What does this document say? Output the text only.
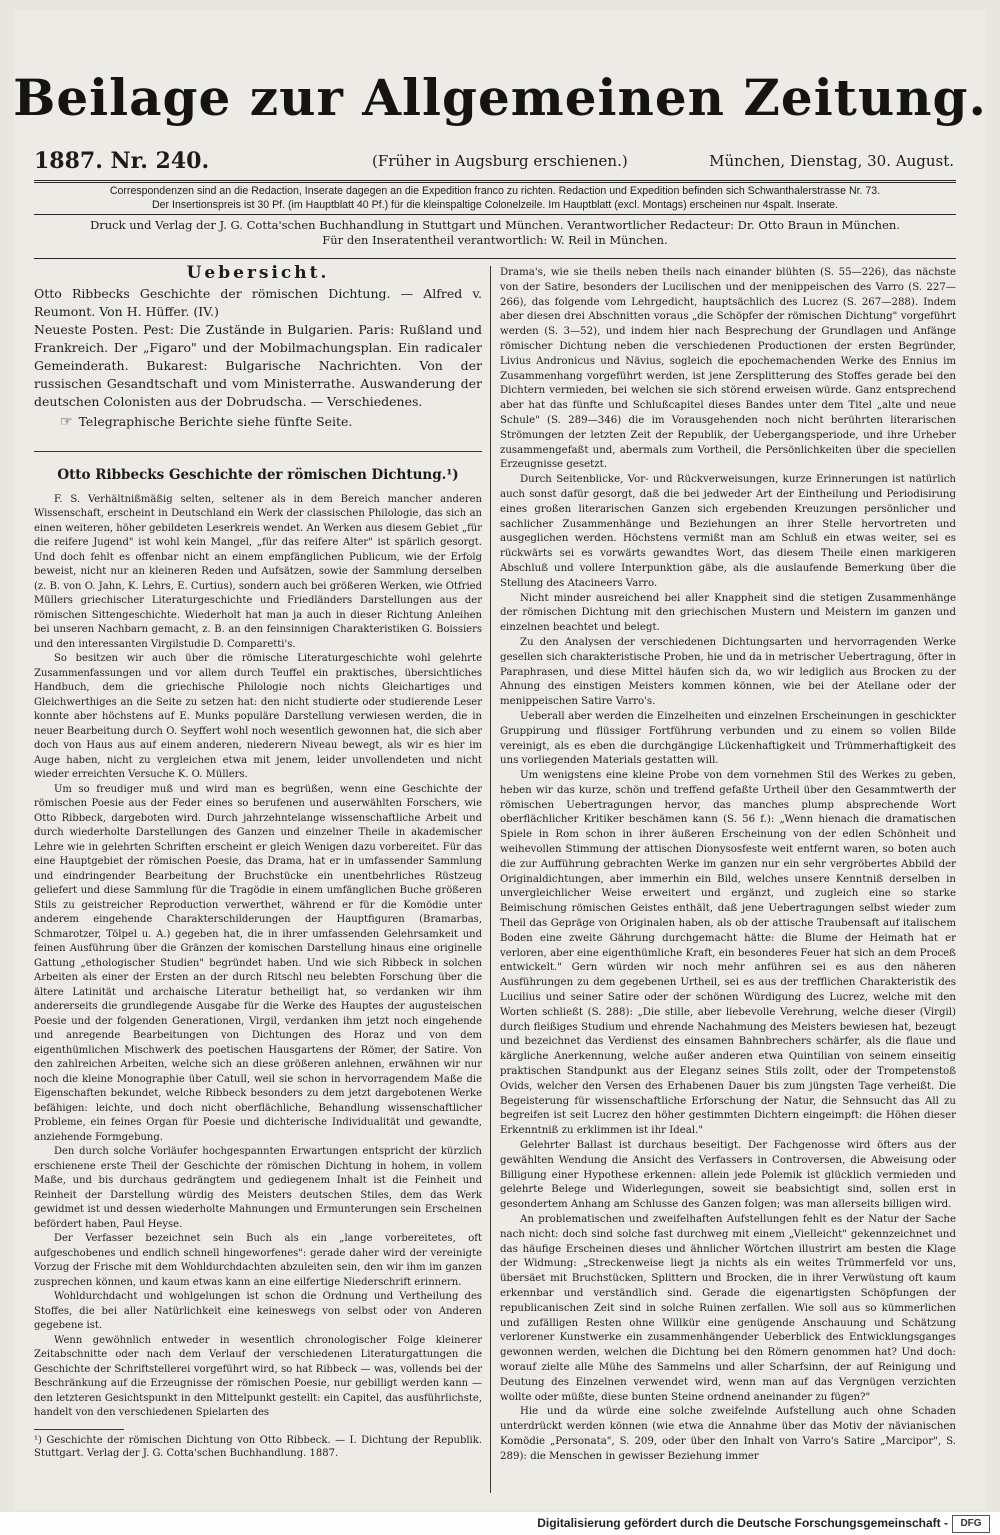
Beilage zur Allgemeinen Zeitung.
1887. Nr. 240.	(Früher in Augsburg erschienen.)	München, Dienstag, 30. August.
Correspondenzen sind an die Redaction, Inserate dagegen an die Expedition franco zu richten. Redaction und Expedition befinden sich Schwanthalerstrasse Nr. 73.
Der Insertionspreis ist 30 Pf. (im Hauptblatt 40 Pf.) für die kleinspaltige Colonelzeile. Im Hauptblatt (excl. Montags) erscheinen nur 4spalt. Inserate.
Druck und Verlag der J. G. Cotta'schen Buchhandlung in Stuttgart und München. Verantwortlicher Redacteur: Dr. Otto Braun in München.
Für den Inseratentheil verantwortlich: W. Reil in München.
Uebersicht.

Otto Ribbecks Geschichte der römischen Dichtung. — Alfred v. Reumont. Von H. Hüffer. (IV.)

Neueste Posten. Pest: Die Zustände in Bulgarien. Paris: Rußland und Frankreich. Der „Figaro" und der Mobilmachungsplan. Ein radicaler Gemeinderath. Bukarest: Bulgarische Nachrichten. Von der russischen Gesandtschaft und vom Ministerrathe. Auswanderung der deutschen Colonisten aus der Dobrudscha. — Verschiedenes.

☞ Telegraphische Berichte siehe fünfte Seite.

Otto Ribbecks Geschichte der römischen Dichtung.¹)

F. S. Verhältnißmäßig selten, seltener als in dem Bereich mancher anderen Wissenschaft, erscheint in Deutschland ein Werk der classischen Philologie, das sich an einen weiteren, höher gebildeten Leserkreis wendet. An Werken aus diesem Gebiet „für die reifere Jugend" ist wohl kein Mangel, „für das reifere Alter" ist spärlich gesorgt. Und doch fehlt es offenbar nicht an einem empfänglichen Publicum, wie der Erfolg beweist, nicht nur an kleineren Reden und Aufsätzen, sowie der Sammlung derselben (z. B. von O. Jahn, K. Lehrs, E. Curtius), sondern auch bei größeren Werken, wie Otfried Müllers griechischer Literaturgeschichte und Friedländers Darstellungen aus der römischen Sittengeschichte. Wiederholt hat man ja auch in dieser Richtung Anleihen bei unseren Nachbarn gemacht, z. B. an den feinsinnigen Charakteristiken G. Boissiers und den interessanten Virgilstudie D. Comparetti's.

So besitzen wir auch über die römische Literaturgeschichte wohl gelehrte Zusammenfassungen und vor allem durch Teuffel ein praktisches, übersichtliches Handbuch, dem die griechische Philologie noch nichts Gleichartiges und Gleichwerthiges an die Seite zu setzen hat: den nicht studierte oder studierende Leser konnte aber höchstens auf E. Munks populäre Darstellung verwiesen werden, die in neuer Bearbeitung durch O. Seyffert wohl noch wesentlich gewonnen hat, die sich aber doch von Haus aus auf einem anderen, niederern Niveau bewegt, als wir es hier im Auge haben, nicht zu vergleichen etwa mit jenem, leider unvollendeten und nicht wieder erreichten Versuche K. O. Müllers.

Um so freudiger muß und wird man es begrüßen, wenn eine Geschichte der römischen Poesie aus der Feder eines so berufenen und auserwählten Forschers, wie Otto Ribbeck, dargeboten wird. Durch jahrzehntelange wissenschaftliche Arbeit und durch wiederholte Darstellungen des Ganzen und einzelner Theile in akademischer Lehre wie in gelehrten Schriften erscheint er gleich Wenigen dazu vorbereitet. Für das eine Hauptgebiet der römischen Poesie, das Drama, hat er in umfassender Sammlung und eindringender Bearbeitung der Bruchstücke ein unentbehrliches Rüstzeug geliefert und diese Sammlung für die Tragödie in einem umfänglichen Buche größeren Stils zu geistreicher Reproduction verwerthet, während er für die Komödie unter anderem eingehende Charakterschilderungen der Hauptfiguren (Bramarbas, Schmarotzer, Tölpel u. A.) gegeben hat, die in ihrer umfassenden Gelehrsamkeit und feinen Ausführung über die Gränzen der komischen Darstellung hinaus eine originelle Gattung „ethologischer Studien" begründet haben. Und wie sich Ribbeck in solchen Arbeiten als einer der Ersten an der durch Ritschl neu belebten Forschung über die ältere Latinität und archaische Literatur betheiligt hat, so verdanken wir ihm andererseits die grundlegende Ausgabe für die Werke des Hauptes der augusteischen Poesie und der folgenden Generationen, Virgil, verdanken ihm jetzt noch eingehende und anregende Bearbeitungen von Dichtungen des Horaz und von dem eigenthümlichen Mischwerk des poetischen Hausgartens der Römer, der Satire. Von den zahlreichen Arbeiten, welche sich an diese größeren anlehnen, erwähnen wir nur noch die kleine Monographie über Catull, weil sie schon in hervorragendem Maße die Eigenschaften bekundet, welche Ribbeck besonders zu dem jetzt dargebotenen Werke befähigen: leichte, und doch nicht oberflächliche, Behandlung wissenschaftlicher Probleme, ein feines Organ für Poesie und dichterische Individualität und gewandte, anziehende Formgebung.

Den durch solche Vorläufer hochgespannten Erwartungen entspricht der kürzlich erschienene erste Theil der Geschichte der römischen Dichtung in hohem, in vollem Maße, und bis durchaus gedrängtem und gediegenem Inhalt ist die Feinheit und Reinheit der Darstellung würdig des Meisters deutschen Stiles, dem das Werk gewidmet ist und dessen wiederholte Mahnungen und Ermunterungen sein Erscheinen befördert haben, Paul Heyse.

Der Verfasser bezeichnet sein Buch als ein „lange vorbereitetes, oft aufgeschobenes und endlich schnell hingeworfenes": gerade daher wird der vereinigte Vorzug der Frische mit dem Wohldurchdachten abzuleiten sein, den wir ihm im ganzen zusprechen können, und kaum etwas kann an eine eilfertige Niederschrift erinnern.

Wohldurchdacht und wohlgelungen ist schon die Ordnung und Vertheilung des Stoffes, die bei aller Natürlichkeit eine keineswegs von selbst oder von Anderen gegebene ist.

Wenn gewöhnlich entweder in wesentlich chronologischer Folge kleinerer Zeitabschnitte oder nach dem Verlauf der verschiedenen Literaturgattungen die Geschichte der Schriftstellerei vorgeführt wird, so hat Ribbeck — was, vollends bei der Beschränkung auf die Erzeugnisse der römischen Poesie, nur gebilligt werden kann — den letzteren Gesichtspunkt in den Mittelpunkt gestellt: ein Capitel, das ausführlichste, handelt von den verschiedenen Spielarten des

¹) Geschichte der römischen Dichtung von Otto Ribbeck. — I. Dichtung der Republik. Stuttgart. Verlag der J. G. Cotta'schen Buchhandlung. 1887.

Drama's, wie sie theils neben theils nach einander blühten (S. 55—226), das nächste von der Satire, besonders der Lucilischen und der menippeischen des Varro (S. 227—266), das folgende vom Lehrgedicht, hauptsächlich des Lucrez (S. 267—288). Indem aber diesen drei Abschnitten voraus „die Schöpfer der römischen Dichtung" vorgeführt werden (S. 3—52), und indem hier nach Besprechung der Grundlagen und Anfänge römischer Dichtung neben die verschiedenen Productionen der ersten Begründer, Livius Andronicus und Nävius, sogleich die epochemachenden Werke des Ennius im Zusammenhang vorgeführt werden, ist jene Zersplitterung des Stoffes gerade bei den Dichtern vermieden, bei welchen sie sich störend erweisen würde. Ganz entsprechend aber hat das fünfte und Schlußcapitel dieses Bandes unter dem Titel „alte und neue Schule" (S. 289—346) die im Vorausgehenden noch nicht berührten literarischen Strömungen der letzten Zeit der Republik, der Uebergangsperiode, und ihre Urheber zusammengefaßt und, abermals zum Vortheil, die Persönlichkeiten über die speciellen Erzeugnisse gesetzt.

Durch Seitenblicke, Vor- und Rückverweisungen, kurze Erinnerungen ist natürlich auch sonst dafür gesorgt, daß die bei jedweder Art der Eintheilung und Periodisirung eines großen literarischen Ganzen sich ergebenden Kreuzungen persönlicher und sachlicher Zusammenhänge und Beziehungen an ihrer Stelle hervortreten und ausgeglichen werden. Höchstens vermißt man am Schluß ein etwas weiter, sei es rückwärts sei es vorwärts gewandtes Wort, das diesem Theile einen markigeren Abschluß und vollere Interpunktion gäbe, als die auslaufende Bemerkung über die Stellung des Atacineers Varro.

Nicht minder ausreichend bei aller Knappheit sind die stetigen Zusammenhänge der römischen Dichtung mit den griechischen Mustern und Meistern im ganzen und einzelnen beachtet und belegt.

Zu den Analysen der verschiedenen Dichtungsarten und hervorragenden Werke gesellen sich charakteristische Proben, hie und da in metrischer Uebertragung, öfter in Paraphrasen, und diese Mittel häufen sich da, wo wir lediglich aus Brocken zu der Ahnung des einstigen Meisters kommen können, wie bei der Atellane oder der menippeischen Satire Varro's.

Ueberall aber werden die Einzelheiten und einzelnen Erscheinungen in geschickter Gruppirung und flüssiger Fortführung verbunden und zu einem so vollen Bilde vereinigt, als es eben die durchgängige Lückenhaftigkeit und Trümmerhaftigkeit des uns vorliegenden Materials gestatten will.

Um wenigstens eine kleine Probe von dem vornehmen Stil des Werkes zu geben, heben wir das kurze, schön und treffend gefaßte Urtheil über den Gesammtwerth der römischen Uebertragungen hervor, das manches plump absprechende Wort oberflächlicher Kritiker beschämen kann (S. 56 f.): „Wenn hienach die dramatischen Spiele in Rom schon in ihrer äußeren Erscheinung von der edlen Schönheit und weihevollen Stimmung der attischen Dionysosfeste weit entfernt waren, so boten auch die zur Aufführung gebrachten Werke im ganzen nur ein sehr vergröbertes Abbild der Originaldichtungen, aber immerhin ein Bild, welches unsere Kenntniß derselben in unvergleichlicher Weise erweitert und ergänzt, und zugleich eine so starke Beimischung römischen Geistes enthält, daß jene Uebertragungen selbst wieder zum Theil das Gepräge von Originalen haben, als ob der attische Traubensaft auf italischem Boden eine zweite Gährung durchgemacht hätte: die Blume der Heimath hat er verloren, aber eine eigenthümliche Kraft, ein besonderes Feuer hat sich an dem Proceß entwickelt." Gern würden wir noch mehr anführen sei es aus den näheren Ausführungen zu dem gegebenen Urtheil, sei es aus der trefflichen Charakteristik des Lucilius und seiner Satire oder der schönen Würdigung des Lucrez, welche mit den Worten schließt (S. 288): „Die stille, aber liebevolle Verehrung, welche dieser (Virgil) durch fleißiges Studium und ehrende Nachahmung des Meisters bewiesen hat, bezeugt und bezeichnet das Verdienst des einsamen Bahnbrechers schärfer, als die flaue und kärgliche Anerkennung, welche außer anderen etwa Quintilian von seinem einseitig praktischen Standpunkt aus der Eleganz seines Stils zollt, oder der Trompetenstoß Ovids, welcher den Versen des Erhabenen Dauer bis zum jüngsten Tage verheißt. Die Begeisterung für wissenschaftliche Erforschung der Natur, die Sehnsucht das All zu begreifen ist seit Lucrez den höher gestimmten Dichtern eingeimpft: die Höhen dieser Erkenntniß zu erklimmen ist ihr Ideal."

Gelehrter Ballast ist durchaus beseitigt. Der Fachgenosse wird öfters aus der gewählten Wendung die Ansicht des Verfassers in Controversen, die Abweisung oder Billigung einer Hypothese erkennen: allein jede Polemik ist glücklich vermieden und gelehrte Belege und Widerlegungen, soweit sie beabsichtigt sind, sollen erst in gesondertem Anhang am Schlusse des Ganzen folgen; was man allerseits billigen wird.

An problematischen und zweifelhaften Aufstellungen fehlt es der Natur der Sache nach nicht: doch sind solche fast durchweg mit einem „Vielleicht" gekennzeichnet und das häufige Erscheinen dieses und ähnlicher Wörtchen illustrirt am besten die Klage der Widmung: „Streckenweise liegt ja nichts als ein weites Trümmerfeld vor uns, übersäet mit Bruchstücken, Splittern und Brocken, die in ihrer Verwüstung oft kaum erkennbar und verständlich sind. Gerade die eigenartigsten Schöpfungen der republicanischen Zeit sind in solche Ruinen zerfallen. Wie soll aus so kümmerlichen und zufälligen Resten ohne Willkür eine genügende Anschauung und Schätzung verlorener Kunstwerke ein zusammenhängender Ueberblick des Entwicklungsganges gewonnen werden, welchen die Dichtung bei den Römern genommen hat? Und doch: worauf zielte alle Mühe des Sammelns und aller Scharfsinn, der auf Reinigung und Deutung des Einzelnen verwendet wird, wenn man auf das Vergnügen verzichten wollte oder müßte, diese bunten Steine ordnend aneinander zu fügen?"

Hie und da würde eine solche zweifelnde Aufstellung auch ohne Schaden unterdrückt werden können (wie etwa die Annahme über das Motiv der nävianischen Komödie „Personata", S. 209, oder über den Inhalt von Varro's Satire „Marcipor", S. 289): die Menschen in gewisser Beziehung immer

Digitalisierung gefördert durch die Deutsche Forschungsgemeinschaft -	DFG
